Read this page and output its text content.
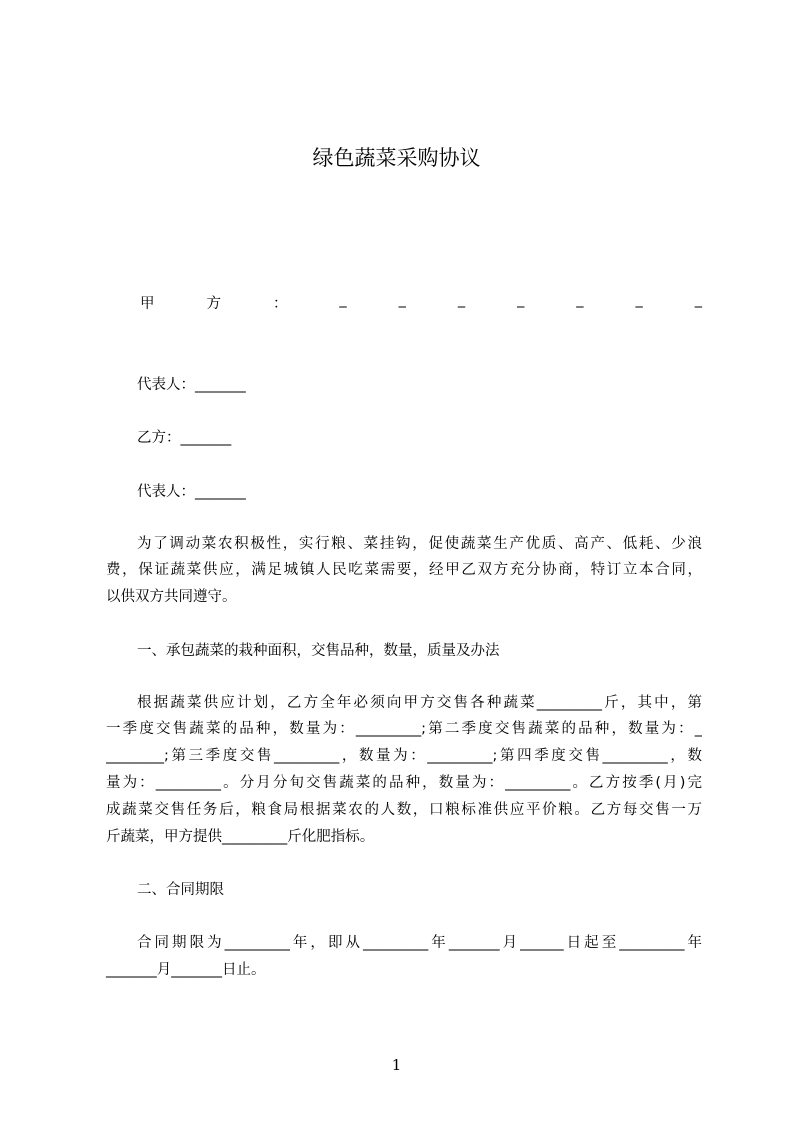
绿色蔬菜采购协议
甲	方	：	_	_	_	_	_	_	_
代表人：_______
乙方：_______
代表人：_______
为了调动菜农积极性，实行粮、菜挂钩，促使蔬菜生产优质、高产、低耗、少浪
费，保证蔬菜供应，满足城镇人民吃菜需要，经甲乙双方充分协商，特订立本合同，
以供双方共同遵守。
一、承包蔬菜的栽种面积，交售品种，数量，质量及办法
根据蔬菜供应计划，乙方全年必须向甲方交售各种蔬菜_________斤，其中，第
一季度交售蔬菜的品种，数量为：_________;第二季度交售蔬菜的品种，数量为：_
________;第三季度交售_________，数量为：_________;第四季度交售_________，数
量为：_________。分月分旬交售蔬菜的品种，数量为：_________。乙方按季(月)完
成蔬菜交售任务后，粮食局根据菜农的人数，口粮标准供应平价粮。乙方每交售一万
斤蔬菜，甲方提供_________斤化肥指标。
二、合同期限
合同期限为_________年，即从_________年_______月______日起至_________年
_______月_______日止。
1
